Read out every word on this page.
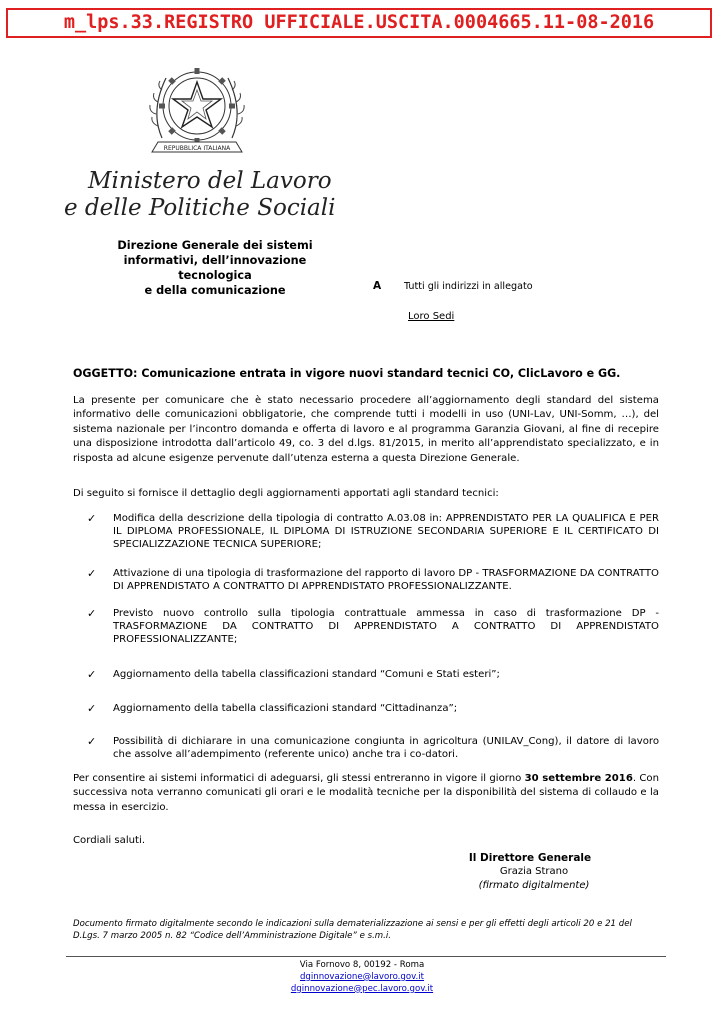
m_lps.33.REGISTRO UFFICIALE.USCITA.0004665.11-08-2016
REPUBBLICA ITALIANA
Ministero del Lavoro
e delle Politiche Sociali
Direzione Generale dei sistemi
informativi, dell’innovazione tecnologica
e della comunicazione	A Tutti gli indirizzi in allegato
Loro Sedi
OGGETTO: Comunicazione entrata in vigore nuovi standard tecnici CO, ClicLavoro e GG.
La presente per comunicare che è stato necessario procedere all’aggiornamento degli standard del sistema informativo delle comunicazioni obbligatorie, che comprende tutti i modelli in uso (UNI-Lav, UNI-Somm, …), del sistema nazionale per l’incontro domanda e offerta di lavoro e al programma Garanzia Giovani, al fine di recepire una disposizione introdotta dall’articolo 49, co. 3 del d.lgs. 81/2015, in merito all’apprendistato specializzato, e in risposta ad alcune esigenze pervenute dall’utenza esterna a questa Direzione Generale.
Di seguito si fornisce il dettaglio degli aggiornamenti apportati agli standard tecnici:
✓ Modifica della descrizione della tipologia di contratto A.03.08 in: APPRENDISTATO PER LA QUALIFICA E PER IL DIPLOMA PROFESSIONALE, IL DIPLOMA DI ISTRUZIONE SECONDARIA SUPERIORE E IL CERTIFICATO DI SPECIALIZZAZIONE TECNICA SUPERIORE;
✓ Attivazione di una tipologia di trasformazione del rapporto di lavoro DP - TRASFORMAZIONE DA CONTRATTO DI APPRENDISTATO A CONTRATTO DI APPRENDISTATO PROFESSIONALIZZANTE.
✓ Previsto nuovo controllo sulla tipologia contrattuale ammessa in caso di trasformazione DP - TRASFORMAZIONE DA CONTRATTO DI APPRENDISTATO A CONTRATTO DI APPRENDISTATO PROFESSIONALIZZANTE;
✓ Aggiornamento della tabella classificazioni standard “Comuni e Stati esteri”;
✓ Aggiornamento della tabella classificazioni standard “Cittadinanza”;
✓ Possibilità di dichiarare in una comunicazione congiunta in agricoltura (UNILAV_Cong), il datore di lavoro che assolve all’adempimento (referente unico) anche tra i co-datori.
Per consentire ai sistemi informatici di adeguarsi, gli stessi entreranno in vigore il giorno 30 settembre 2016. Con successiva nota verranno comunicati gli orari e le modalità tecniche per la disponibilità del sistema di collaudo e la messa in esercizio.
Cordiali saluti.
Il Direttore Generale
Grazia Strano
(firmato digitalmente)
Documento firmato digitalmente secondo le indicazioni sulla dematerializzazione ai sensi e per gli effetti degli articoli 20 e 21 del D.Lgs. 7 marzo 2005 n. 82 “Codice dell’Amministrazione Digitale” e s.m.i.
Via Fornovo 8, 00192 - Roma
dginnovazione@lavoro.gov.it
dginnovazione@pec.lavoro.gov.it
